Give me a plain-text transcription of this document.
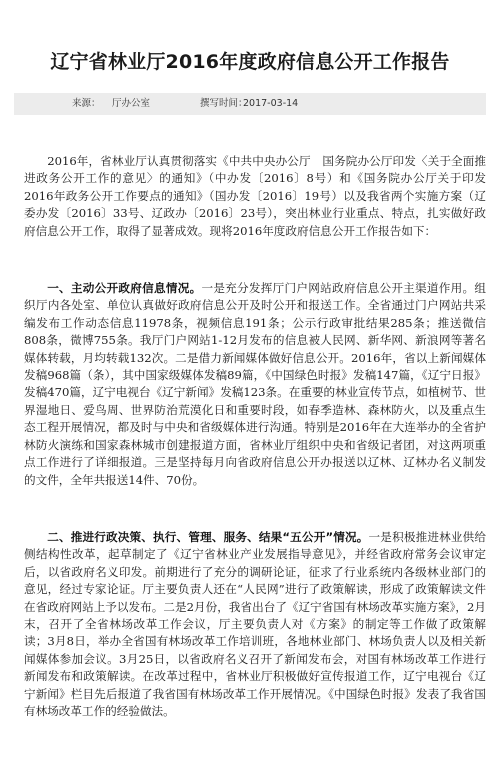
辽宁省林业厅2016年度政府信息公开工作报告
来源： 厅办公室	撰写时间：
2017-03-14

2016年，省林业厅认真贯彻落实《中共中央办公厅　国务院办公厅印发〈关于全面推进政务公开工作的意见〉的通知》（中办发〔2016〕8号）和《国务院办公厅关于印发2016年政务公开工作要点的通知》（国办发〔2016〕19号）以及我省两个实施方案（辽委办发〔2016〕33号、辽政办〔2016〕23号），突出林业行业重点、特点，扎实做好政府信息公开工作，取得了显著成效。现将2016年度政府信息公开工作报告如下：

一、主动公开政府信息情况。一是充分发挥厅门户网站政府信息公开主渠道作用。组织厅内各处室、单位认真做好政府信息公开及时公开和报送工作。全省通过门户网站共采编发布工作动态信息11978条，视频信息191条；公示行政审批结果285条；推送微信808条，微博755条。我厅门户网站1-12月发布的信息被人民网、新华网、新浪网等著名媒体转载，月均转载132次。二是借力新闻媒体做好信息公开。2016年，省以上新闻媒体发稿968篇（条），其中国家级媒体发稿89篇，《中国绿色时报》发稿147篇，《辽宁日报》发稿470篇，辽宁电视台《辽宁新闻》发稿123条。在重要的林业宣传节点，如植树节、世界湿地日、爱鸟周、世界防治荒漠化日和重要时段，如春季造林、森林防火，以及重点生态工程开展情况，都及时与中央和省级媒体进行沟通。特别是2016年在大连举办的全省护林防火演练和国家森林城市创建报道方面，省林业厅组织中央和省级记者团，对这两项重点工作进行了详细报道。三是坚持每月向省政府信息公开办报送以辽林、辽林办名义制发的文件，全年共报送14件、70份。

二、推进行政决策、执行、管理、服务、结果“五公开”情况。一是积极推进林业供给侧结构性改革，起草制定了《辽宁省林业产业发展指导意见》，并经省政府常务会议审定后，以省政府名义印发。前期进行了充分的调研论证，征求了行业系统内各级林业部门的意见，经过专家论证。厅主要负责人还在“人民网”进行了政策解读，形成了政策解读文件在省政府网站上予以发布。二是2月份，我省出台了《辽宁省国有林场改革实施方案》，2月末，召开了全省林场改革工作会议，厅主要负责人对《方案》的制定等工作做了政策解读；3月8日，举办全省国有林场改革工作培训班，各地林业部门、林场负责人以及相关新闻媒体参加会议。3月25日，以省政府名义召开了新闻发布会，对国有林场改革工作进行新闻发布和政策解读。在改革过程中，省林业厅积极做好宣传报道工作，辽宁电视台《辽宁新闻》栏目先后报道了我省国有林场改革工作开展情况。《中国绿色时报》发表了我省国有林场改革工作的经验做法。
